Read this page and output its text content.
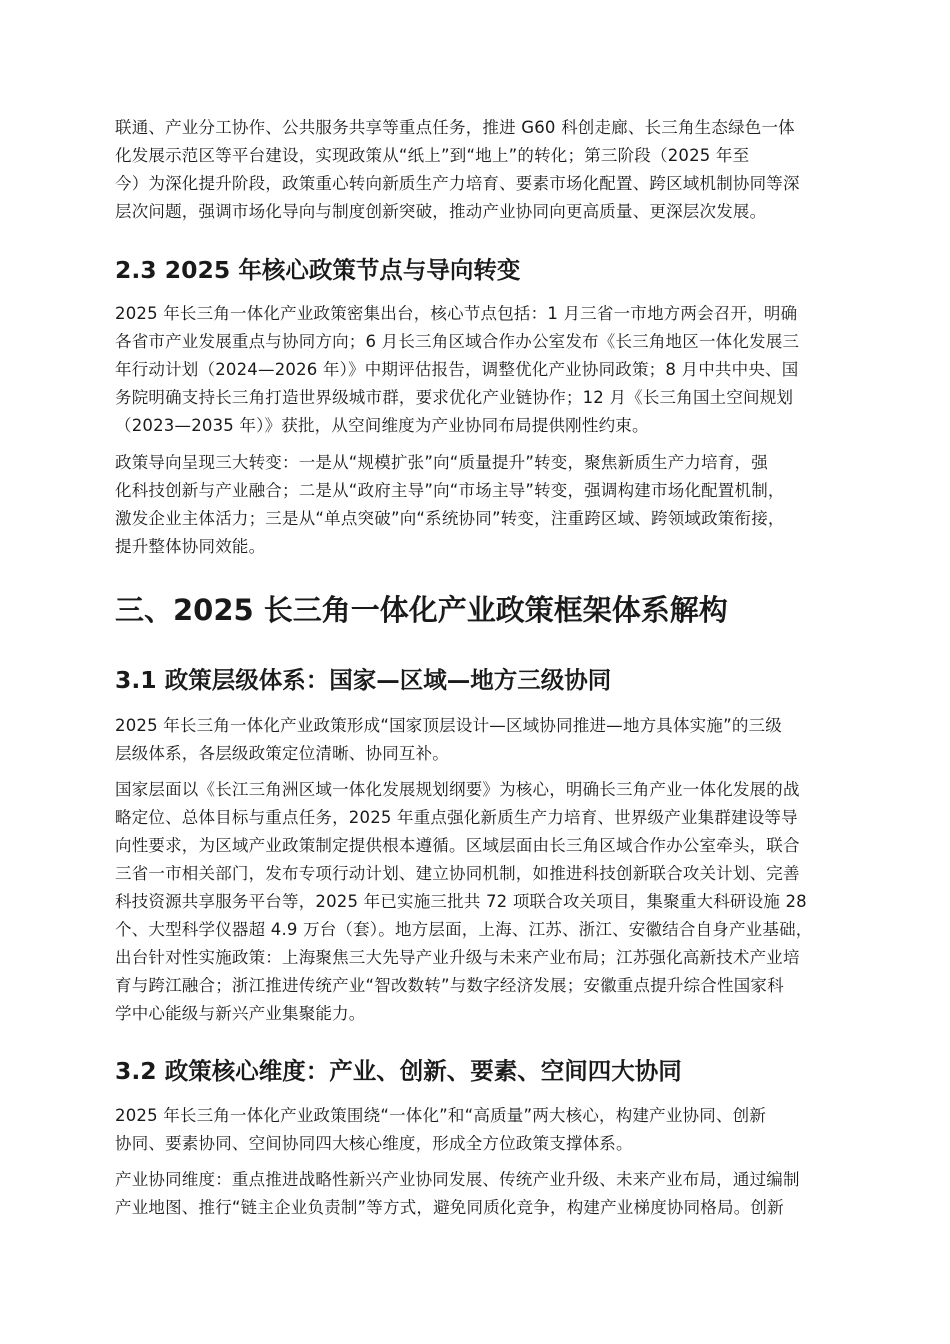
联通、产业分工协作、公共服务共享等重点任务，推进 G60 科创走廊、长三角生态绿色一体
化发展示范区等平台建设，实现政策从“纸上”到“地上”的转化；第三阶段（2025 年至
今）为深化提升阶段，政策重心转向新质生产力培育、要素市场化配置、跨区域机制协同等深
层次问题，强调市场化导向与制度创新突破，推动产业协同向更高质量、更深层次发展。

2.3 2025 年核心政策节点与导向转变

2025 年长三角一体化产业政策密集出台，核心节点包括：1 月三省一市地方两会召开，明确
各省市产业发展重点与协同方向；6 月长三角区域合作办公室发布《长三角地区一体化发展三
年行动计划（2024—2026 年）》中期评估报告，调整优化产业协同政策；8 月中共中央、国
务院明确支持长三角打造世界级城市群，要求优化产业链协作；12 月《长三角国土空间规划
（2023—2035 年）》获批，从空间维度为产业协同布局提供刚性约束。

政策导向呈现三大转变：一是从“规模扩张”向“质量提升”转变，聚焦新质生产力培育，强
化科技创新与产业融合；二是从“政府主导”向“市场主导”转变，强调构建市场化配置机制，
激发企业主体活力；三是从“单点突破”向“系统协同”转变，注重跨区域、跨领域政策衔接，
提升整体协同效能。

三、2025 长三角一体化产业政策框架体系解构
3.1 政策层级体系：国家—区域—地方三级协同

2025 年长三角一体化产业政策形成“国家顶层设计—区域协同推进—地方具体实施”的三级
层级体系，各层级政策定位清晰、协同互补。

国家层面以《长江三角洲区域一体化发展规划纲要》为核心，明确长三角产业一体化发展的战
略定位、总体目标与重点任务，2025 年重点强化新质生产力培育、世界级产业集群建设等导
向性要求，为区域产业政策制定提供根本遵循。区域层面由长三角区域合作办公室牵头，联合
三省一市相关部门，发布专项行动计划、建立协同机制，如推进科技创新联合攻关计划、完善
科技资源共享服务平台等，2025 年已实施三批共 72 项联合攻关项目，集聚重大科研设施 28
个、大型科学仪器超 4.9 万台（套）。地方层面，上海、江苏、浙江、安徽结合自身产业基础，
出台针对性实施政策：上海聚焦三大先导产业升级与未来产业布局；江苏强化高新技术产业培
育与跨江融合；浙江推进传统产业“智改数转”与数字经济发展；安徽重点提升综合性国家科
学中心能级与新兴产业集聚能力。

3.2 政策核心维度：产业、创新、要素、空间四大协同

2025 年长三角一体化产业政策围绕“一体化”和“高质量”两大核心，构建产业协同、创新
协同、要素协同、空间协同四大核心维度，形成全方位政策支撑体系。

产业协同维度：重点推进战略性新兴产业协同发展、传统产业升级、未来产业布局，通过编制
产业地图、推行“链主企业负责制”等方式，避免同质化竞争，构建产业梯度协同格局。创新
